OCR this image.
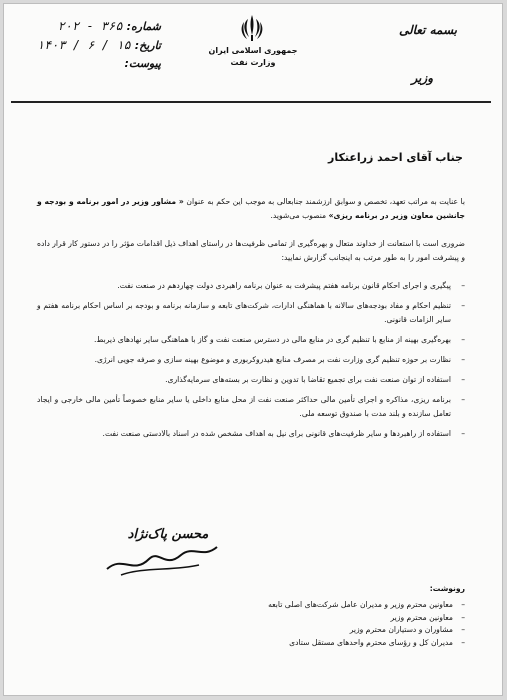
شماره:
۲۰۲ - ۳۶۵
تاریخ:
۱۴۰۳ / ۶ / ۱۵
پیوست:
جمهوری اسلامی ایران
وزارت نفت
بسمه تعالی
وزیر
جناب آقای احمد زراعتکار

با عنایت به مراتب تعهد، تخصص و سوابق ارزشمند جنابعالی به موجب این حکم به عنوان « مشاور وزیر در امور برنامه و بودجه و جانشین معاون وزیر در برنامه ریزی» منصوب می‌شوید.

ضروری است با استعانت از خداوند متعال و بهره‌گیری از تمامی ظرفیت‌ها در راستای اهداف ذیل اقدامات مؤثر را در دستور کار قرار داده و پیشرفت امور را به طور مرتب به اینجانب گزارش نمایید:

– پیگیری و اجرای احکام قانون برنامه هفتم پیشرفت به عنوان برنامه راهبردی دولت چهاردهم در صنعت نفت.
– تنظیم احکام و مفاد بودجه‌های سالانه با هماهنگی ادارات، شرکت‌های تابعه و سازمانه برنامه و بودجه بر اساس احکام برنامه هفتم و سایر الزامات قانونی.
– بهره‌گیری بهینه از منابع با تنظیم گری در منابع مالی در دسترس صنعت نفت و گاز با هماهنگی سایر نهادهای ذیربط.
– نظارت بر حوزه تنظیم گری وزارت نفت بر مصرف منابع هیدروکربوری و موضوع بهینه سازی و صرفه جویی انرژی.
– استفاده از توان صنعت نفت برای تجمیع تقاضا با تدوین و نظارت بر بسته‌های سرمایه‌گذاری.
– برنامه ریزی، مذاکره و اجرای تأمین مالی حداکثر صنعت نفت از محل منابع داخلی یا سایر منابع خصوصاً تأمین مالی خارجی و ایجاد تعامل سازنده و بلند مدت با صندوق توسعه ملی.
– استفاده از راهبردها و سایر ظرفیت‌های قانونی برای نیل به اهداف مشخص شده در اسناد بالادستی صنعت نفت.
محسن پاک‌نژاد
رونوشت:
– معاونین محترم وزیر و مدیران عامل شرکت‌های اصلی تابعه
– معاونین محترم وزیر
– مشاوران و دستیاران محترم وزیر
– مدیران کل و رؤسای محترم واحدهای مستقل ستادی
